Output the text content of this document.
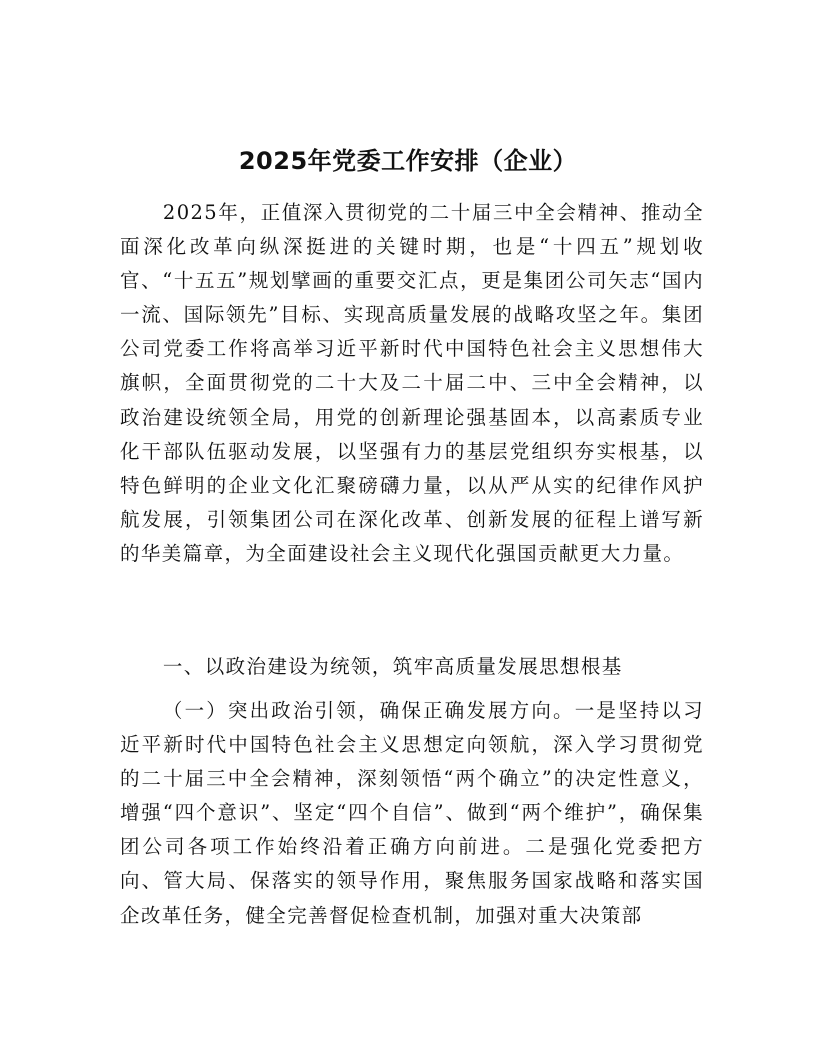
2025年党委工作安排（企业）

2025年，正值深入贯彻党的二十届三中全会精神、推动全面深化改革向纵深挺进的关键时期，也是“十四五”规划收官、“十五五”规划擘画的重要交汇点，更是集团公司矢志“国内一流、国际领先”目标、实现高质量发展的战略攻坚之年。集团公司党委工作将高举习近平新时代中国特色社会主义思想伟大旗帜，全面贯彻党的二十大及二十届二中、三中全会精神，以政治建设统领全局，用党的创新理论强基固本，以高素质专业化干部队伍驱动发展，以坚强有力的基层党组织夯实根基，以特色鲜明的企业文化汇聚磅礴力量，以从严从实的纪律作风护航发展，引领集团公司在深化改革、创新发展的征程上谱写新的华美篇章，为全面建设社会主义现代化强国贡献更大力量。

一、以政治建设为统领，筑牢高质量发展思想根基

（一）突出政治引领，确保正确发展方向。一是坚持以习近平新时代中国特色社会主义思想定向领航，深入学习贯彻党的二十届三中全会精神，深刻领悟“两个确立”的决定性意义，增强“四个意识”、坚定“四个自信”、做到“两个维护”，确保集团公司各项工作始终沿着正确方向前进。二是强化党委把方向、管大局、保落实的领导作用，聚焦服务国家战略和落实国企改革任务，健全完善督促检查机制，加强对重大决策部
